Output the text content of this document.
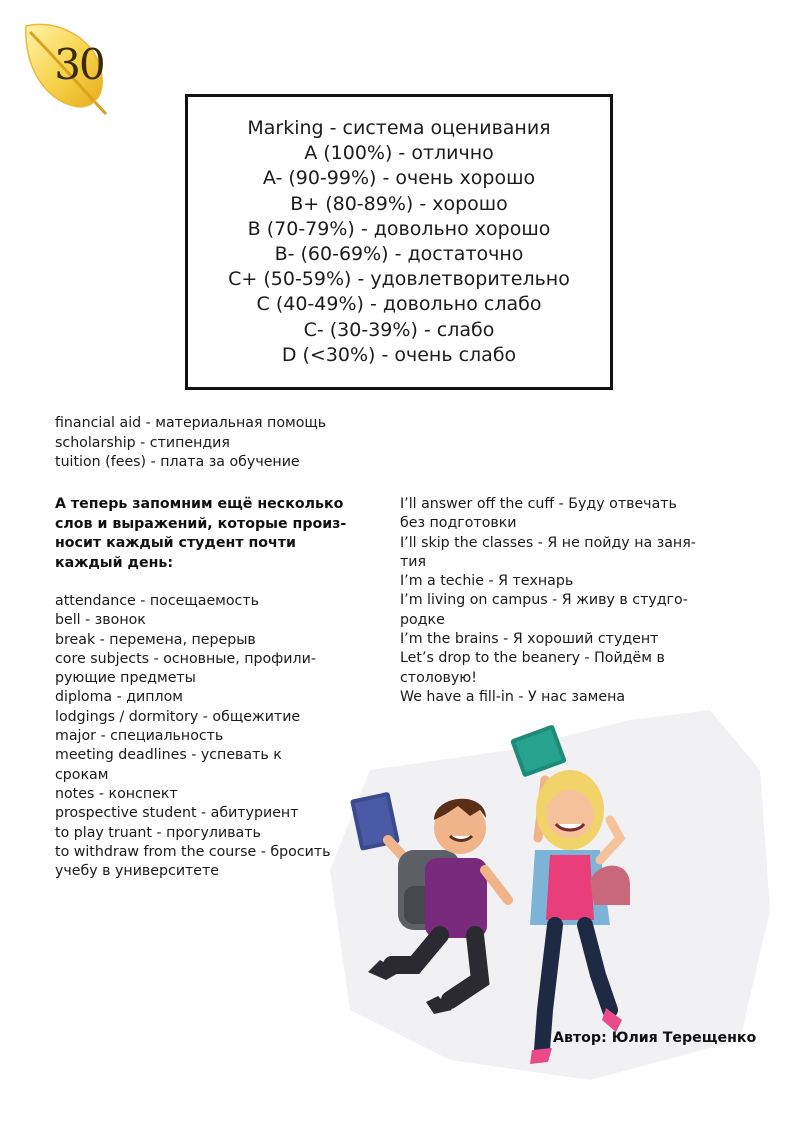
30
Marking - система оценивания
A (100%) - отлично
A- (90-99%) - очень хорошо
B+ (80-89%) - хорошо
B (70-79%) - довольно хорошо
B- (60-69%) - достаточно
C+ (50-59%) - удовлетворительно
C (40-49%) - довольно слабо
C- (30-39%) - слабо
D (<30%) - очень слабо
financial aid - материальная помощь
scholarship - стипендия
tuition (fees) - плата за обучение
А теперь запомним ещё несколько
слов и выражений, которые произ-
носит каждый студент почти
каждый день:
attendance - посещаемость
bell - звонок
break - перемена, перерыв
core subjects - основные, профили-
рующие предметы
diploma - диплом
lodgings / dormitory - общежитие
major - специальность
meeting deadlines - успевать к
срокам
notes - конспект
prospective student - абитуриент
to play truant - прогуливать
to withdraw from the course - бросить
учебу в университете
I’ll answer off the cuff - Буду отвечать
без подготовки
I’ll skip the classes - Я не пойду на заня-
тия
I’m a techie - Я технарь
I’m living on campus - Я живу в студго-
родке
I’m the brains - Я хороший студент
Let’s drop to the beanery - Пойдём в
столовую!
We have a fill-in - У нас замена
Автор: Юлия Терещенко
